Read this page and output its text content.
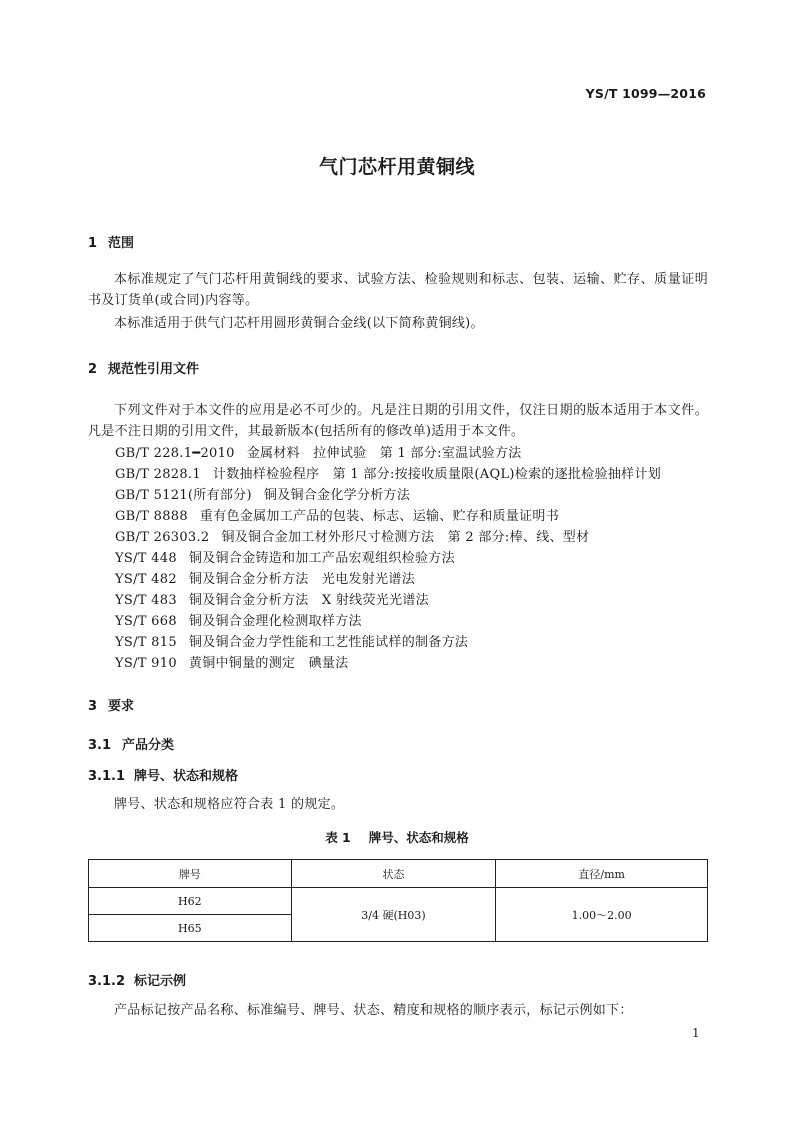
YS/T 1099—2016
气门芯杆用黄铜线
1 范围
本标准规定了气门芯杆用黄铜线的要求、试验方法、检验规则和标志、包装、运输、贮存、质量证明书及订货单(或合同)内容等。
本标准适用于供气门芯杆用圆形黄铜合金线(以下简称黄铜线)。
2 规范性引用文件
下列文件对于本文件的应用是必不可少的。凡是注日期的引用文件，仅注日期的版本适用于本文件。凡是不注日期的引用文件，其最新版本(包括所有的修改单)适用于本文件。
GB/T 228.1━2010 金属材料　拉伸试验　第 1 部分:室温试验方法
GB/T 2828.1 计数抽样检验程序　第 1 部分:按接收质量限(AQL)检索的逐批检验抽样计划
GB/T 5121(所有部分) 铜及铜合金化学分析方法
GB/T 8888 重有色金属加工产品的包装、标志、运输、贮存和质量证明书
GB/T 26303.2 铜及铜合金加工材外形尺寸检测方法　第 2 部分:棒、线、型材
YS/T 448 铜及铜合金铸造和加工产品宏观组织检验方法
YS/T 482 铜及铜合金分析方法　光电发射光谱法
YS/T 483 铜及铜合金分析方法　X 射线荧光光谱法
YS/T 668 铜及铜合金理化检测取样方法
YS/T 815 铜及铜合金力学性能和工艺性能试样的制备方法
YS/T 910 黄铜中铜量的测定　碘量法
3 要求
3.1 产品分类
3.1.1 牌号、状态和规格
牌号、状态和规格应符合表 1 的规定。
表 1 牌号、状态和规格
牌号	状态	直径/mm
H62	3/4 硬(H03)	1.00～2.00
H65		
3.1.2 标记示例
产品标记按产品名称、标准编号、牌号、状态、精度和规格的顺序表示，标记示例如下：
1
